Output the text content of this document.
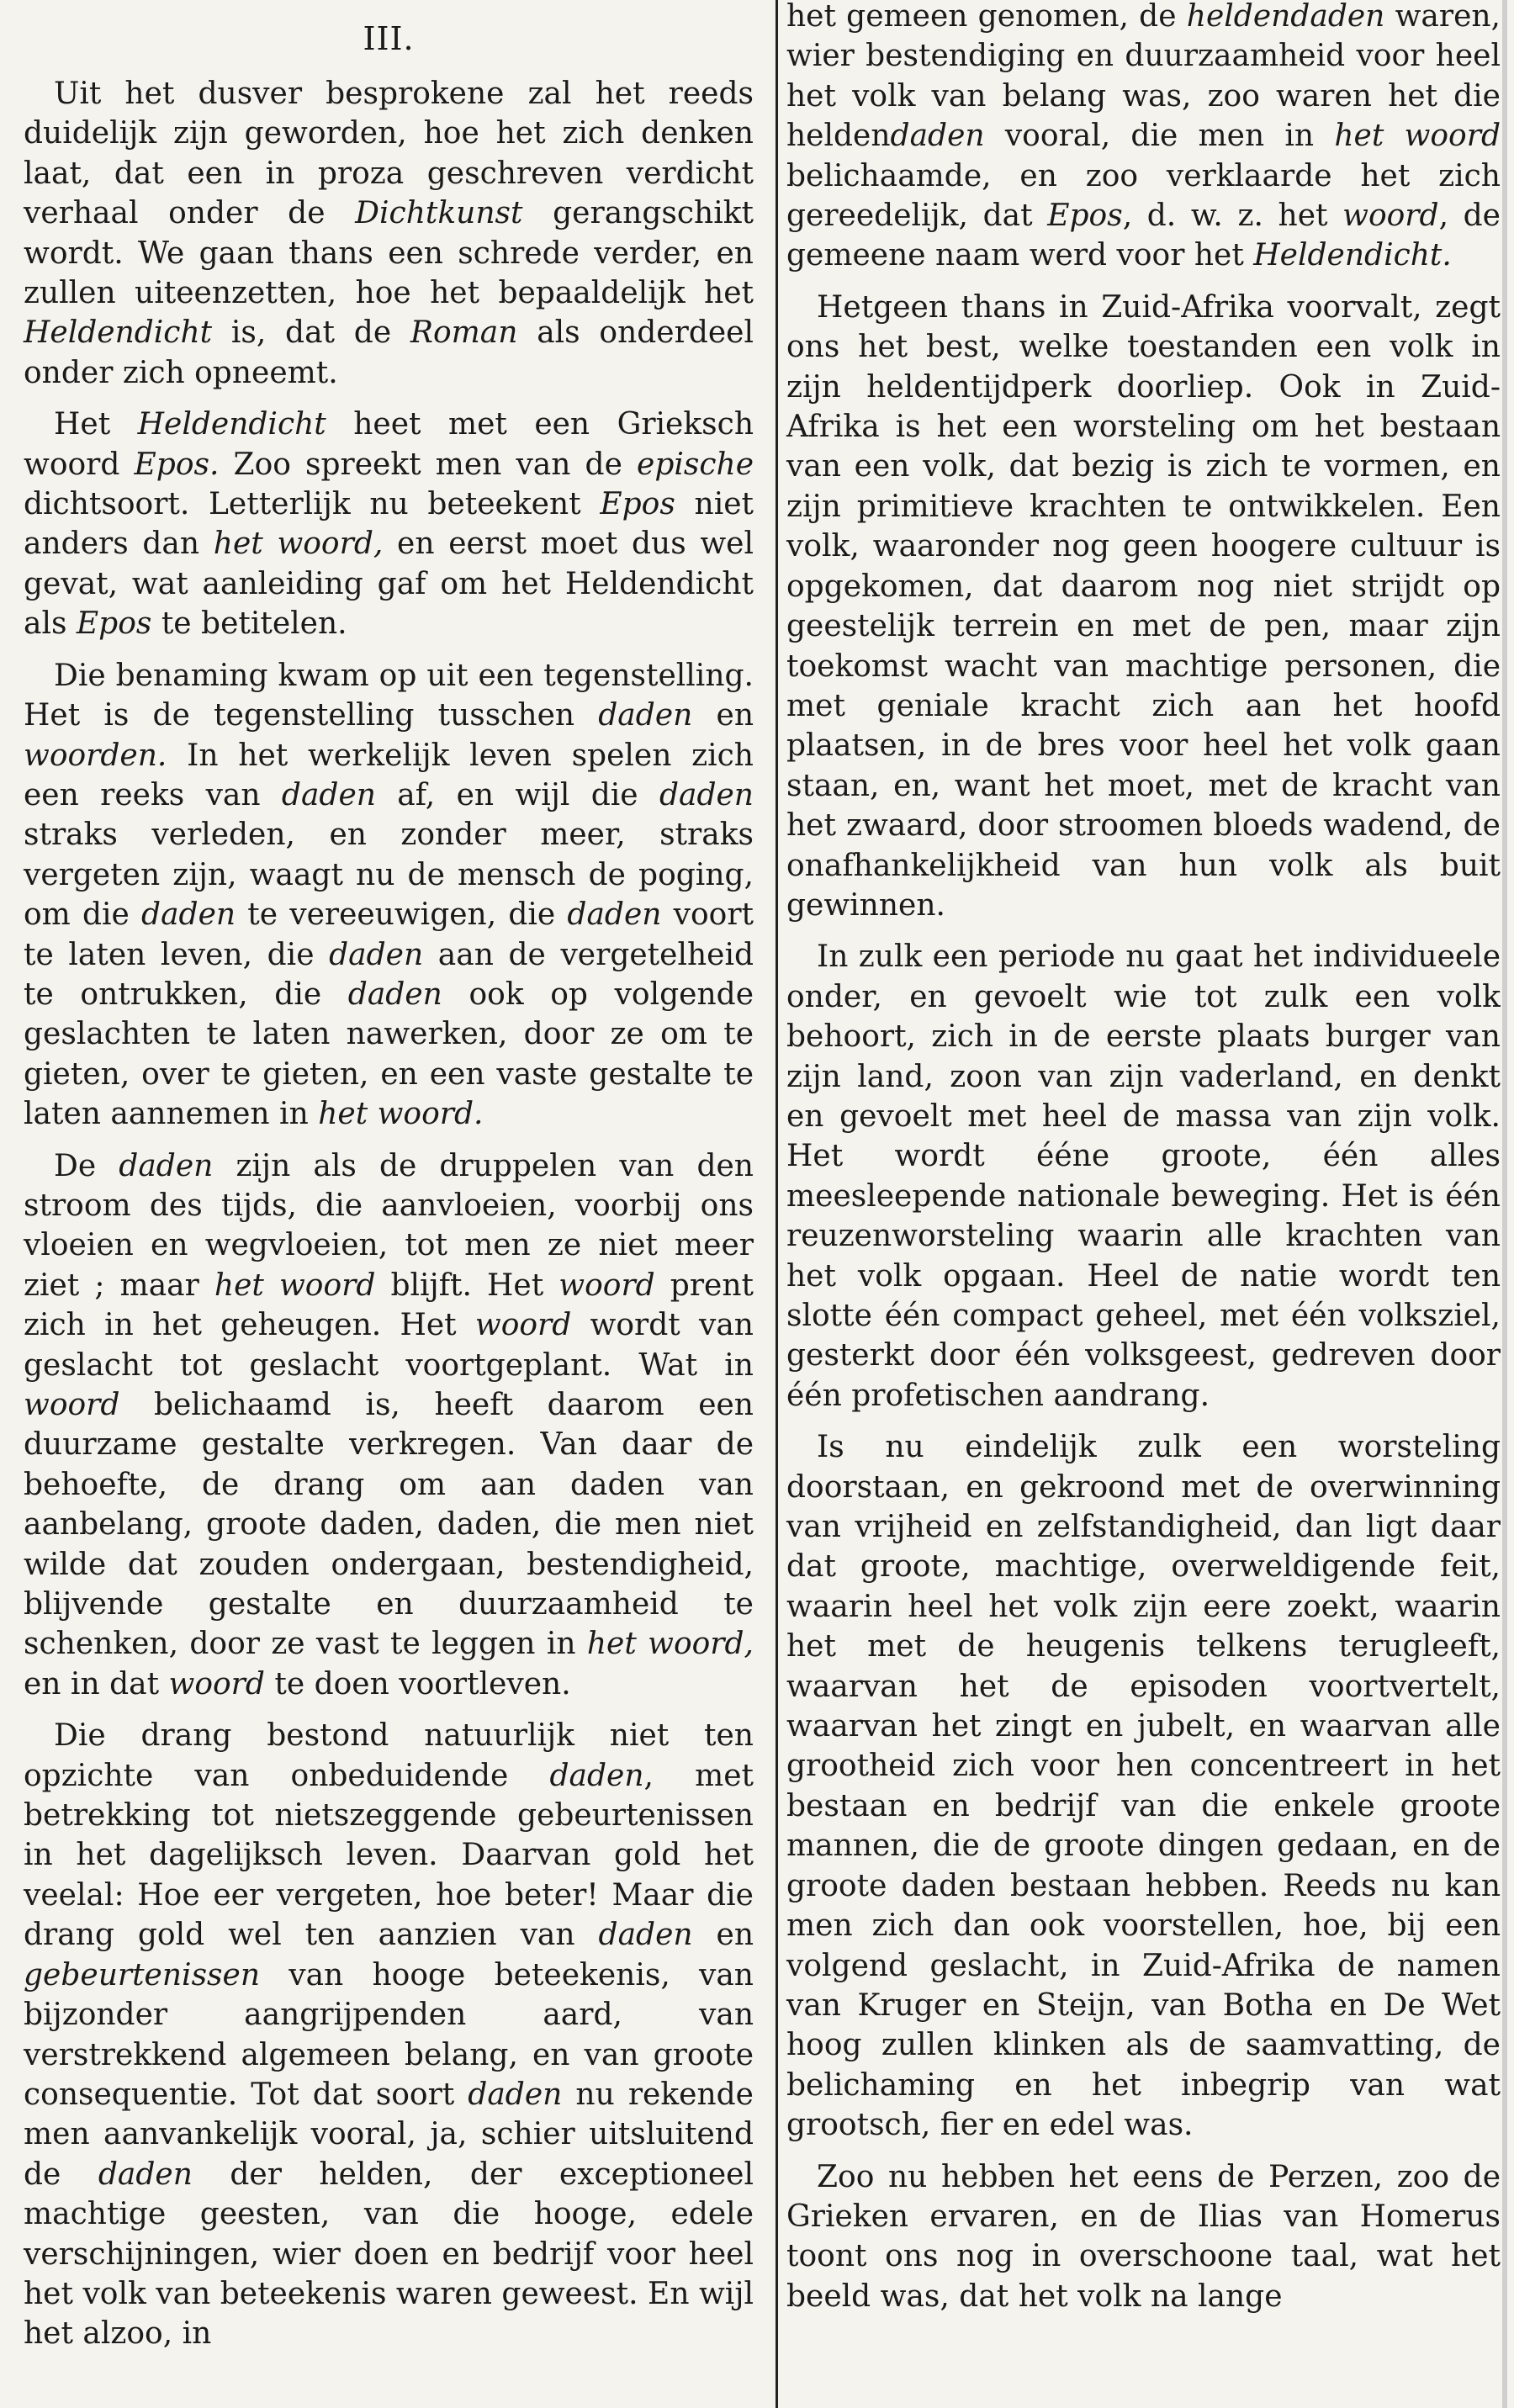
III.

Uit het dusver besprokene zal het reeds duidelijk zijn geworden, hoe het zich denken laat, dat een in proza geschreven verdicht verhaal onder de Dichtkunst gerangschikt wordt. We gaan thans een schrede verder, en zullen uiteenzetten, hoe het bepaaldelijk het Heldendicht is, dat de Roman als onderdeel onder zich opneemt.

Het Heldendicht heet met een Grieksch woord Epos. Zoo spreekt men van de epische dichtsoort. Letterlijk nu beteekent Epos niet anders dan het woord, en eerst moet dus wel gevat, wat aanleiding gaf om het Heldendicht als Epos te betitelen.

Die benaming kwam op uit een tegenstelling. Het is de tegenstelling tusschen daden en woorden. In het werkelijk leven spelen zich een reeks van daden af, en wijl die daden straks verleden, en zonder meer, straks vergeten zijn, waagt nu de mensch de poging, om die daden te vereeuwigen, die daden voort te laten leven, die daden aan de vergetelheid te ontrukken, die daden ook op volgende geslachten te laten nawerken, door ze om te gieten, over te gieten, en een vaste gestalte te laten aannemen in het woord.

De daden zijn als de druppelen van den stroom des tijds, die aanvloeien, voorbij ons vloeien en wegvloeien, tot men ze niet meer ziet ; maar het woord blijft. Het woord prent zich in het geheugen. Het woord wordt van geslacht tot geslacht voortgeplant. Wat in woord belichaamd is, heeft daarom een duurzame gestalte verkregen. Van daar de behoefte, de drang om aan daden van aanbelang, groote daden, daden, die men niet wilde dat zouden ondergaan, bestendigheid, blijvende gestalte en duurzaamheid te schenken, door ze vast te leggen in het woord, en in dat woord te doen voortleven.

Die drang bestond natuurlijk niet ten opzichte van onbeduidende daden, met betrekking tot nietszeggende gebeurtenissen in het dagelijksch leven. Daarvan gold het veelal: Hoe eer vergeten, hoe beter! Maar die drang gold wel ten aanzien van daden en gebeurtenissen van hooge beteekenis, van bijzonder aangrijpenden aard, van verstrekkend algemeen belang, en van groote consequentie. Tot dat soort daden nu rekende men aanvankelijk vooral, ja, schier uitsluitend de daden der helden, der exceptioneel machtige geesten, van die hooge, edele verschijningen, wier doen en bedrijf voor heel het volk van beteekenis waren geweest. En wijl het alzoo, in

het gemeen genomen, de heldendaden waren, wier bestendiging en duurzaamheid voor heel het volk van belang was, zoo waren het die heldendaden vooral, die men in het woord belichaamde, en zoo verklaarde het zich gereedelijk, dat Epos, d. w. z. het woord, de gemeene naam werd voor het Heldendicht.

Hetgeen thans in Zuid-Afrika voorvalt, zegt ons het best, welke toestanden een volk in zijn heldentijdperk doorliep. Ook in Zuid-Afrika is het een worsteling om het bestaan van een volk, dat bezig is zich te vormen, en zijn primitieve krachten te ontwikkelen. Een volk, waaronder nog geen hoogere cultuur is opgekomen, dat daarom nog niet strijdt op geestelijk terrein en met de pen, maar zijn toekomst wacht van machtige personen, die met geniale kracht zich aan het hoofd plaatsen, in de bres voor heel het volk gaan staan, en, want het moet, met de kracht van het zwaard, door stroomen bloeds wadend, de onafhankelijkheid van hun volk als buit gewinnen.

In zulk een periode nu gaat het individueele onder, en gevoelt wie tot zulk een volk behoort, zich in de eerste plaats burger van zijn land, zoon van zijn vaderland, en denkt en gevoelt met heel de massa van zijn volk. Het wordt ééne groote, één alles meesleepende nationale beweging. Het is één reuzenworsteling waarin alle krachten van het volk opgaan. Heel de natie wordt ten slotte één compact geheel, met één volksziel, gesterkt door één volksgeest, gedreven door één profetischen aandrang.

Is nu eindelijk zulk een worsteling doorstaan, en gekroond met de overwinning van vrijheid en zelfstandigheid, dan ligt daar dat groote, machtige, overweldigende feit, waarin heel het volk zijn eere zoekt, waarin het met de heugenis telkens terugleeft, waarvan het de episoden voortvertelt, waarvan het zingt en jubelt, en waarvan alle grootheid zich voor hen concentreert in het bestaan en bedrijf van die enkele groote mannen, die de groote dingen gedaan, en de groote daden bestaan hebben. Reeds nu kan men zich dan ook voorstellen, hoe, bij een volgend geslacht, in Zuid-Afrika de namen van Kruger en Steijn, van Botha en De Wet hoog zullen klinken als de saamvatting, de belichaming en het inbegrip van wat grootsch, fier en edel was.

Zoo nu hebben het eens de Perzen, zoo de Grieken ervaren, en de Ilias van Homerus toont ons nog in overschoone taal, wat het beeld was, dat het volk na lange
